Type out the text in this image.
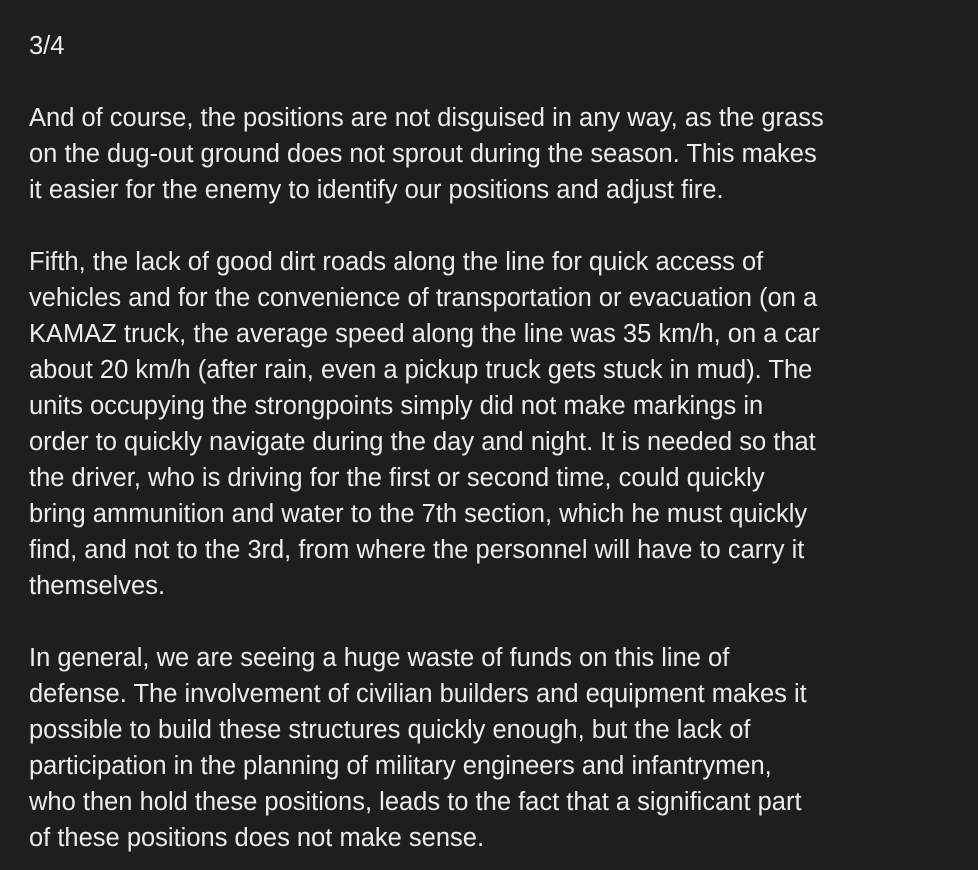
3/4

And of course, the positions are not disguised in any way, as the grass
on the dug-out ground does not sprout during the season. This makes
it easier for the enemy to identify our positions and adjust fire.

Fifth, the lack of good dirt roads along the line for quick access of
vehicles and for the convenience of transportation or evacuation (on a
KAMAZ truck, the average speed along the line was 35 km/h, on a car
about 20 km/h (after rain, even a pickup truck gets stuck in mud). The
units occupying the strongpoints simply did not make markings in
order to quickly navigate during the day and night. It is needed so that
the driver, who is driving for the first or second time, could quickly
bring ammunition and water to the 7th section, which he must quickly
find, and not to the 3rd, from where the personnel will have to carry it
themselves.

In general, we are seeing a huge waste of funds on this line of
defense. The involvement of civilian builders and equipment makes it
possible to build these structures quickly enough, but the lack of
participation in the planning of military engineers and infantrymen,
who then hold these positions, leads to the fact that a significant part
of these positions does not make sense.
